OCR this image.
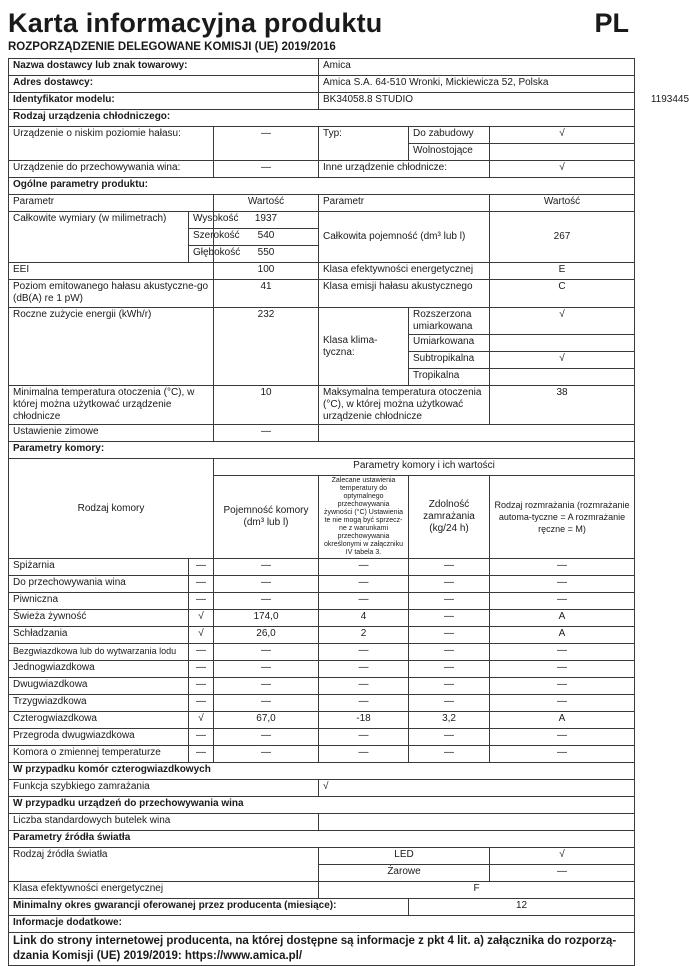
Karta informacyjna produktu	PL
ROZPORZĄDZENIE DELEGOWANE KOMISJI (UE) 2019/2016
Nazwa dostawcy lub znak towarowy:			Amica		
Adres dostawcy:			Amica S.A. 64-510 Wronki, Mickiewicza 52, Polska		
Identyfikator modelu:			BK34058.8 STUDIO 1193445		
Rodzaj urządzenia chłodniczego:					
Urządzenie o niskim poziomie hałasu:		—	Typ:	Do zabudowy	√
				Wolnostojące	
Urządzenie do przechowywania wina:		—	Inne urządzenie chłodnicze:		√
Ogólne parametry produktu:					
Parametr		Wartość	Parametr		Wartość
Całkowite wymiary (w milimetrach)	Wysokość	1937	Całkowita pojemność (dm³ lub l)		267
	Szerokość	540			
	Głębokość	550			
EEI		100	Klasa efektywności energetycznej		E
Poziom emitowanego hałasu akustyczne-go (dB(A) re 1 pW)		41	Klasa emisji hałasu akustycznego		C
Roczne zużycie energii (kWh/r)		232	Klasa klima-tyczna:	Rozszerzona umiarkowana	√
				Umiarkowana	
				Subtropikalna	√
				Tropikalna	
Minimalna temperatura otoczenia (°C), w której można użytkować urządzenie chłodnicze		10	Maksymalna temperatura otoczenia (°C), w której można użytkować urządzenie chłodnicze		38
Ustawienie zimowe		—			
Parametry komory:					
Rodzaj komory		Parametry komory i ich wartości			
		Pojemność komory (dm³ lub l)	Zalecane ustawienia temperatury do optymalnego przechowywania żywności (°C) Ustawienia te nie mogą być sprzecz-ne z warunkami przechowywania określonymi w załączniku IV tabela 3.	Zdolność zamrażania (kg/24 h)	Rodzaj rozmrażania (rozmrażanie automa-tyczne = A rozmrażanie ręczne = M)
Spiżarnia	—	—	—	—	—
Do przechowywania wina	—	—	—	—	—
Piwniczna	—	—	—	—	—
Świeża żywność	√	174,0	4	—	A
Schładzania	√	26,0	2	—	A
Bezgwiazdkowa lub do wytwarzania lodu	—	—	—	—	—
Jednogwiazdkowa	—	—	—	—	—
Dwugwiazdkowa	—	—	—	—	—
Trzygwiazdkowa	—	—	—	—	—
Czterogwiazdkowa	√	67,0	-18	3,2	A
Przegroda dwugwiazdkowa	—	—	—	—	—
Komora o zmiennej temperaturze	—	—	—	—	—
W przypadku komór czterogwiazdkowych					
Funkcja szybkiego zamrażania			√		
W przypadku urządzeń do przechowywania wina					
Liczba standardowych butelek wina					
Parametry źródła światła					
Rodzaj źródła światła			LED		√
			Żarowe		—
Klasa efektywności energetycznej			F		
Minimalny okres gwarancji oferowanej przez producenta (miesiące):				12	
Informacje dodatkowe:					
Link do strony internetowej producenta, na której dostępne są informacje z pkt 4 lit. a) załącznika do rozporzą-dzania Komisji (UE) 2019/2019: https://www.amica.pl/					
